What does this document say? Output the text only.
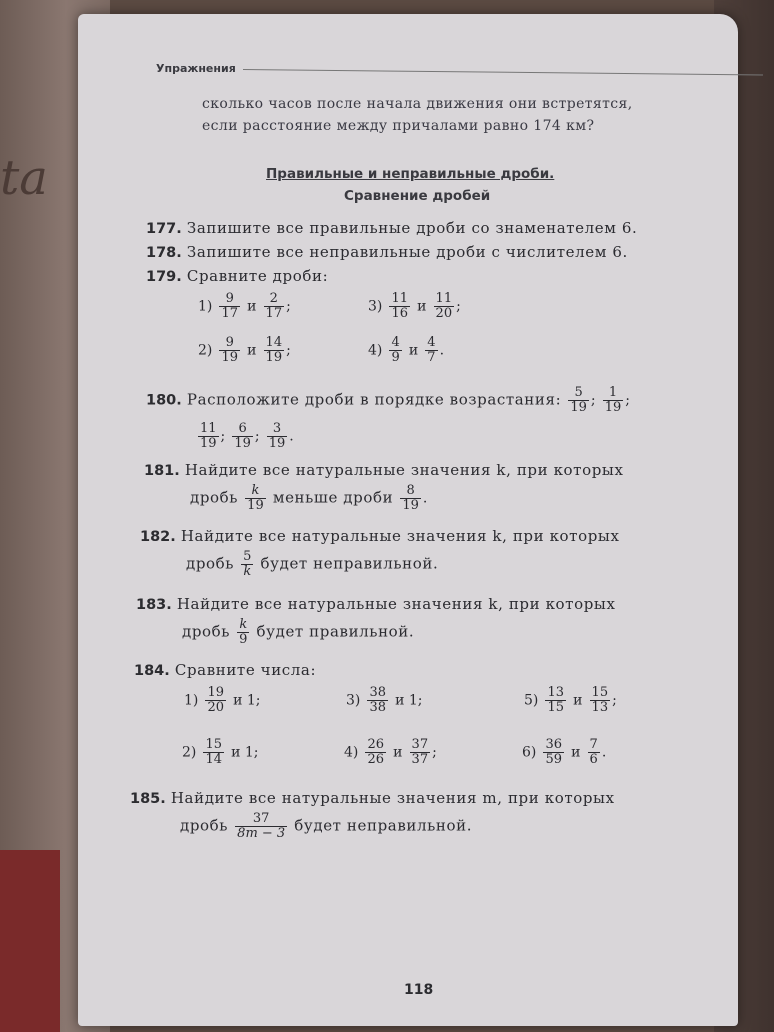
ta
Упражнения
сколько часов после начала движения они встретятся,
если расстояние между причалами равно 174 км?
Правильные и неправильные дроби.
Сравнение дробей
177. Запишите все правильные дроби со знаменателем 6.
178. Запишите все неправильные дроби с числителем 6.
179. Сравните дроби:
$1) \frac{9}{17}$ и $\frac{2}{17}$ ;
$2) \frac{9}{19}$ и $\frac{14}{19}$ ;
$3) \frac{11}{16}$ и $\frac{11}{20}$ ;
$4) \frac{4}{9}$ и $\frac{4}{7}$ .
180. Расположите дроби в порядке возрастания: $\frac{5}{19}$ ; $\frac{1}{19}$ ;
$\frac{11}{19}$ ; $\frac{6}{19}$ ; $\frac{3}{19}$ .
181. Найдите все натуральные значения k, при которых
дробь $\frac{k}{19}$ меньше дроби $\frac{8}{19}$ .
182. Найдите все натуральные значения k, при которых
дробь $\frac{5}{k}$ будет неправильной.
183. Найдите все натуральные значения k, при которых
дробь $\frac{k}{9}$ будет правильной.
184. Сравните числа:
$1) \frac{19}{20}$ и 1;
$2) \frac{15}{14}$ и 1;
$3) \frac{38}{38}$ и 1;
$4) \frac{26}{26}$ и $\frac{37}{37}$ ;
$5) \frac{13}{15}$ и $\frac{15}{13}$ ;
$6) \frac{36}{59}$ и $\frac{7}{6}$ .
185. Найдите все натуральные значения m, при которых
дробь $\frac{37}{8m - 3}$ будет неправильной.
118
